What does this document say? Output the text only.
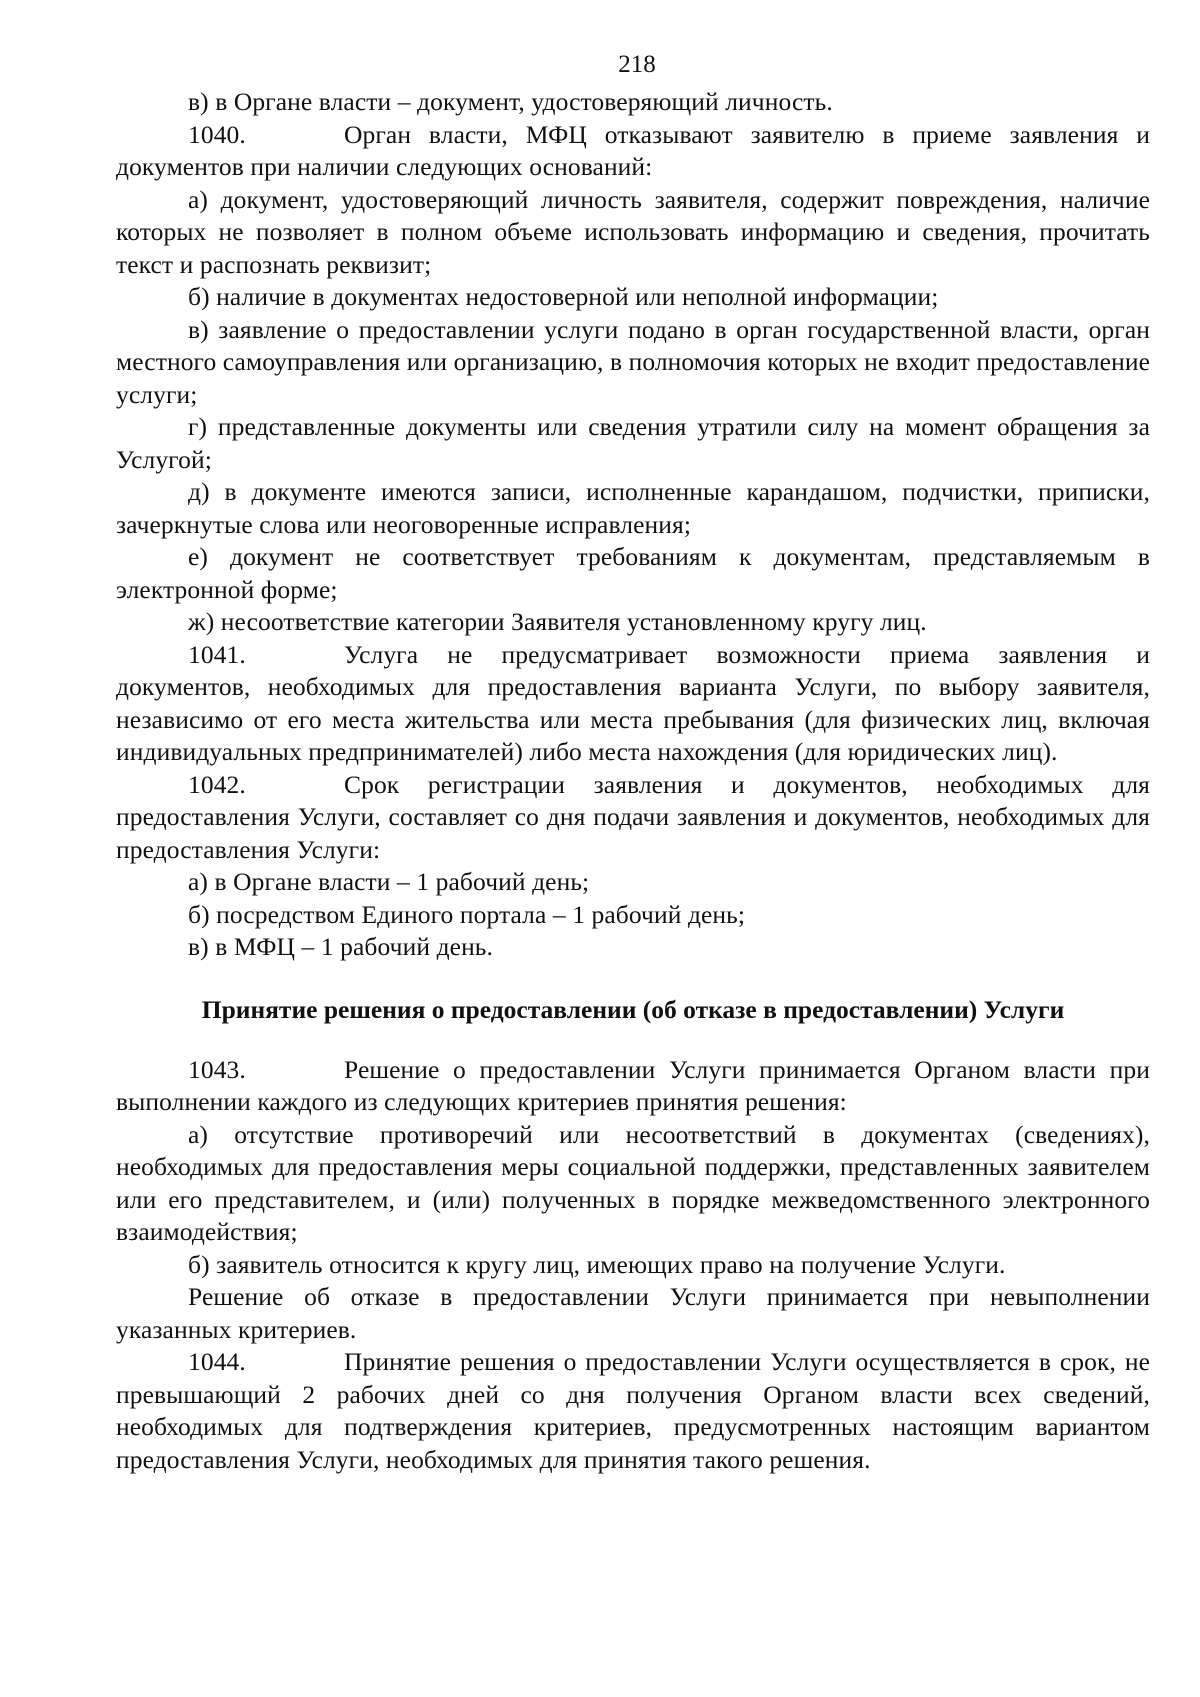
218

в) в Органе власти – документ, удостоверяющий личность.

1040.	Орган власти, МФЦ отказывают заявителю в приеме заявления и документов при наличии следующих оснований:

а) документ, удостоверяющий личность заявителя, содержит повреждения, наличие которых не позволяет в полном объеме использовать информацию и сведения, прочитать текст и распознать реквизит;

б) наличие в документах недостоверной или неполной информации;

в) заявление о предоставлении услуги подано в орган государственной власти, орган местного самоуправления или организацию, в полномочия которых не входит предоставление услуги;

г) представленные документы или сведения утратили силу на момент обращения за Услугой;

д) в документе имеются записи, исполненные карандашом, подчистки, приписки, зачеркнутые слова или неоговоренные исправления;

е) документ не соответствует требованиям к документам, представляемым в электронной форме;

ж) несоответствие категории Заявителя установленному кругу лиц.

1041.	Услуга не предусматривает возможности приема заявления и документов, необходимых для предоставления варианта Услуги, по выбору заявителя, независимо от его места жительства или места пребывания (для физических лиц, включая индивидуальных предпринимателей) либо места нахождения (для юридических лиц).

1042.	Срок регистрации заявления и документов, необходимых для предоставления Услуги, составляет со дня подачи заявления и документов, необходимых для предоставления Услуги:

а) в Органе власти – 1 рабочий день;

б) посредством Единого портала – 1 рабочий день;

в) в МФЦ – 1 рабочий день.

Принятие решения о предоставлении (об отказе в предоставлении) Услуги

1043.	Решение о предоставлении Услуги принимается Органом власти при выполнении каждого из следующих критериев принятия решения:

а) отсутствие противоречий или несоответствий в документах (сведениях), необходимых для предоставления меры социальной поддержки, представленных заявителем или его представителем, и (или) полученных в порядке межведомственного электронного взаимодействия;

б) заявитель относится к кругу лиц, имеющих право на получение Услуги.

Решение об отказе в предоставлении Услуги принимается при невыполнении указанных критериев.

1044.	Принятие решения о предоставлении Услуги осуществляется в срок, не превышающий 2 рабочих дней со дня получения Органом власти всех сведений, необходимых для подтверждения критериев, предусмотренных настоящим вариантом предоставления Услуги, необходимых для принятия такого решения.
